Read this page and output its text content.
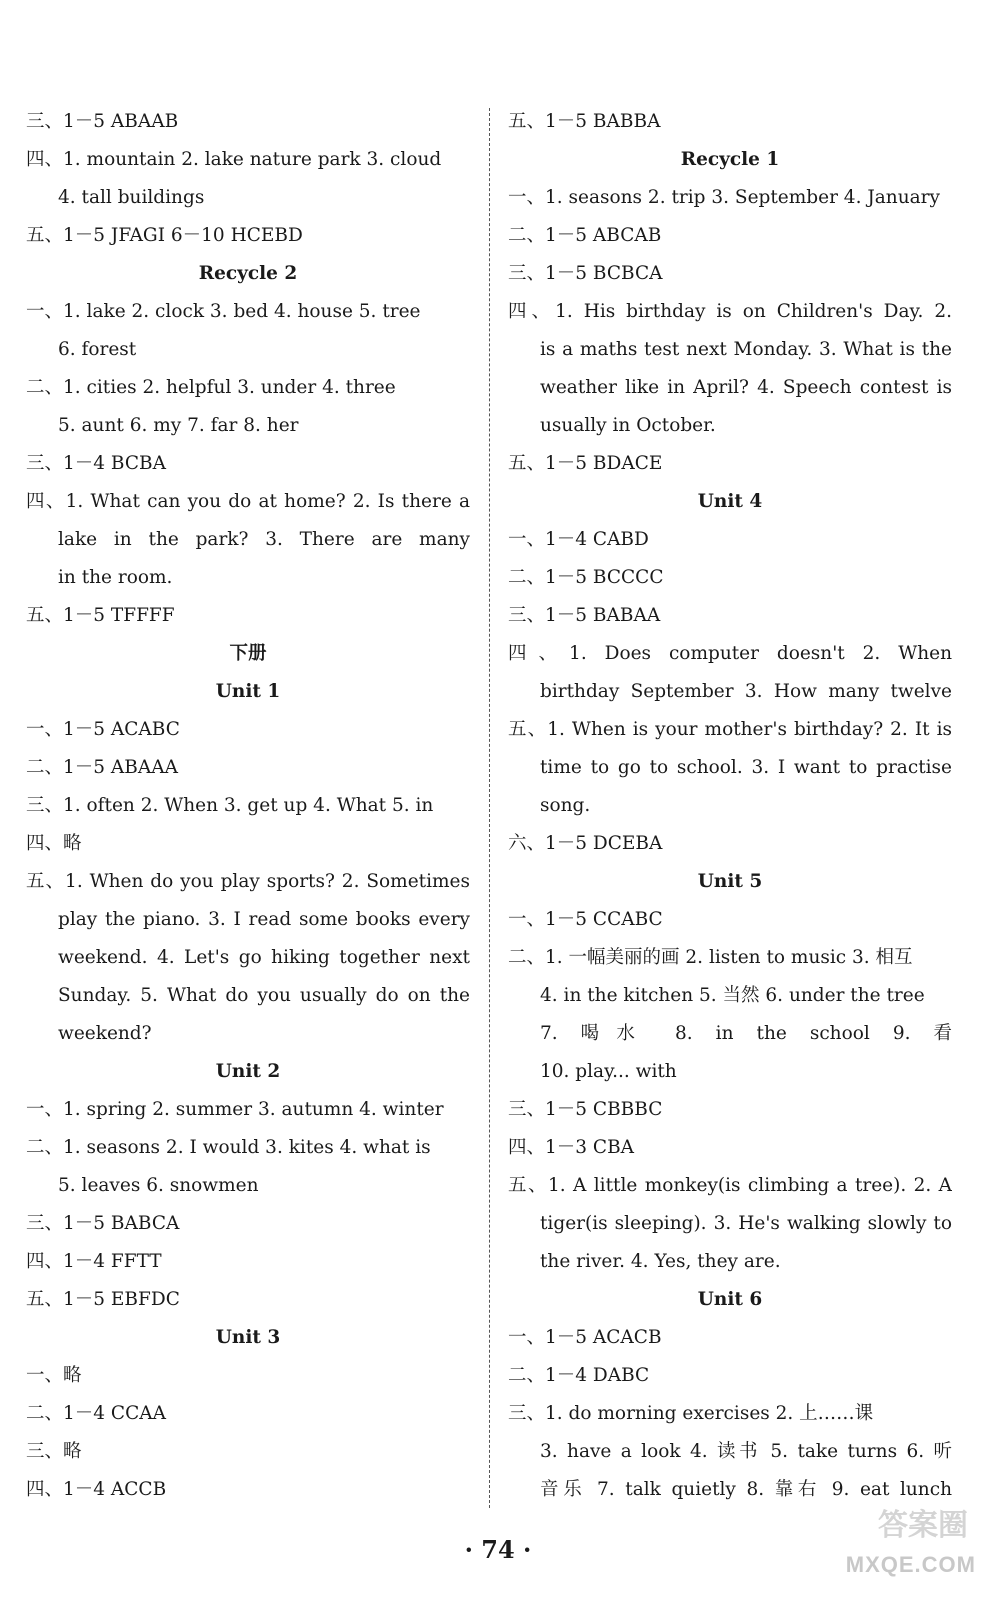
三、1－5 ABAAB
四、1. mountain 2. lake nature park 3. cloud
4. tall buildings
五、1－5 JFAGI 6－10 HCEBD
Recycle 2
一、1. lake 2. clock 3. bed 4. house 5. tree
6. forest
二、1. cities 2. helpful 3. under 4. three
5. aunt 6. my 7. far 8. her
三、1－4 BCBA
四、1. What can you do at home? 2. Is there a
lake in the park? 3. There are many
in the room.
五、1－5 TFFFF
下册
Unit 1
一、1－5 ACABC
二、1－5 ABAAA
三、1. often 2. When 3. get up 4. What 5. in
四、略
五、1. When do you play sports? 2. Sometimes
play the piano. 3. I read some books every
weekend. 4. Let's go hiking together next
Sunday. 5. What do you usually do on the
weekend?
Unit 2
一、1. spring 2. summer 3. autumn 4. winter
二、1. seasons 2. I would 3. kites 4. what is
5. leaves 6. snowmen
三、1－5 BABCA
四、1－4 FFTT
五、1－5 EBFDC
Unit 3
一、略
二、1－4 CCAA
三、略
四、1－4 ACCB
五、1－5 BABBA
Recycle 1
一、1. seasons 2. trip 3. September 4. January
二、1－5 ABCAB
三、1－5 BCBCA
四、1. His birthday is on Children's Day. 2.
is a maths test next Monday. 3. What is the
weather like in April? 4. Speech contest is
usually in October.
五、1－5 BDACE
Unit 4
一、1－4 CABD
二、1－5 BCCCC
三、1－5 BABAA
四、1. Does computer doesn't 2. When
birthday September 3. How many twelve
五、1. When is your mother's birthday? 2. It is
time to go to school. 3. I want to practise
song.
六、1－5 DCEBA
Unit 5
一、1－5 CCABC
二、1. 一幅美丽的画 2. listen to music 3. 相互
4. in the kitchen 5. 当然 6. under the tree
7. 喝水 8. in the school 9. 看
10. play... with
三、1－5 CBBBC
四、1－3 CBA
五、1. A little monkey(is climbing a tree). 2. A
tiger(is sleeping). 3. He's walking slowly to
the river. 4. Yes, they are.
Unit 6
一、1－5 ACACB
二、1－4 DABC
三、1. do morning exercises 2. 上……课
3. have a look 4. 读书 5. take turns 6. 听
音乐 7. talk quietly 8. 靠右 9. eat lunch
· 74 ·
答案圈
MXQE.COM
